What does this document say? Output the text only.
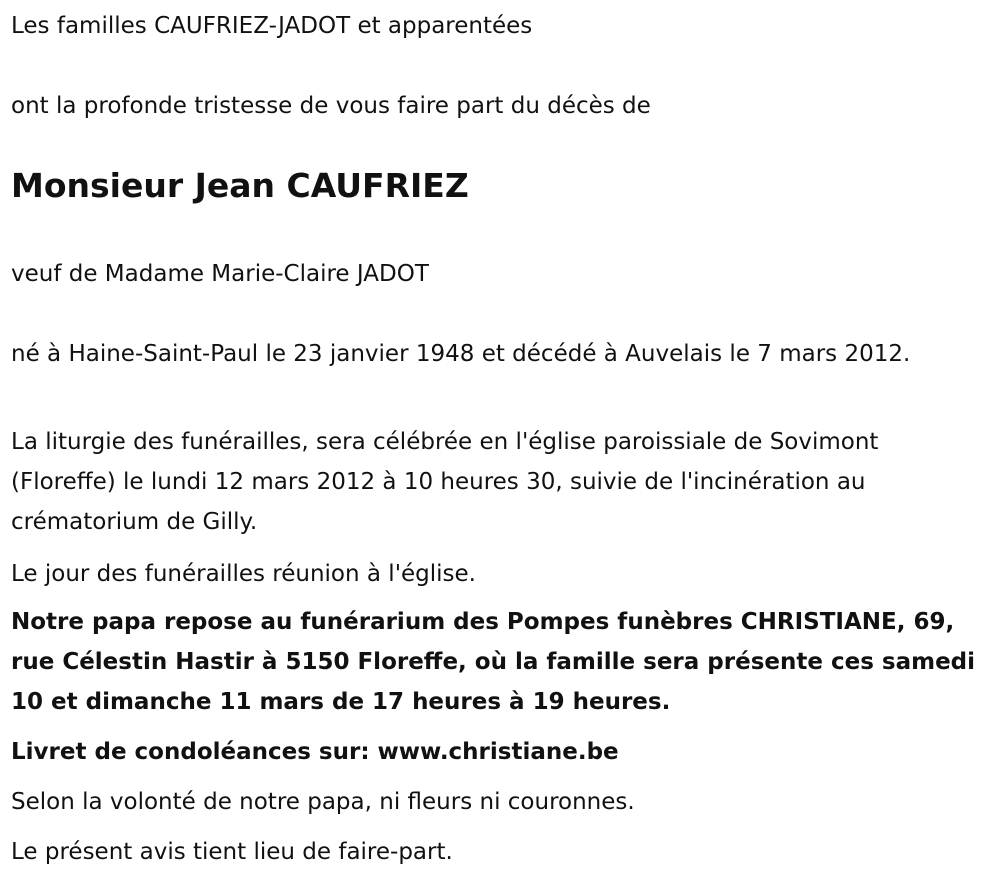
Les familles CAUFRIEZ-JADOT et apparentées

ont la profonde tristesse de vous faire part du décès de

Monsieur Jean CAUFRIEZ

veuf de Madame Marie-Claire JADOT

né à Haine-Saint-Paul le 23 janvier 1948 et décédé à Auvelais le 7 mars 2012.

La liturgie des funérailles, sera célébrée en l'église paroissiale de Sovimont (Floreffe) le lundi 12 mars 2012 à 10 heures 30, suivie de l'incinération au crématorium de Gilly.

Le jour des funérailles réunion à l'église.

Notre papa repose au funérarium des Pompes funèbres CHRISTIANE, 69, rue Célestin Hastir à 5150 Floreffe, où la famille sera présente ces samedi 10 et dimanche 11 mars de 17 heures à 19 heures.

Livret de condoléances sur: www.christiane.be

Selon la volonté de notre papa, ni fleurs ni couronnes.

Le présent avis tient lieu de faire-part.
